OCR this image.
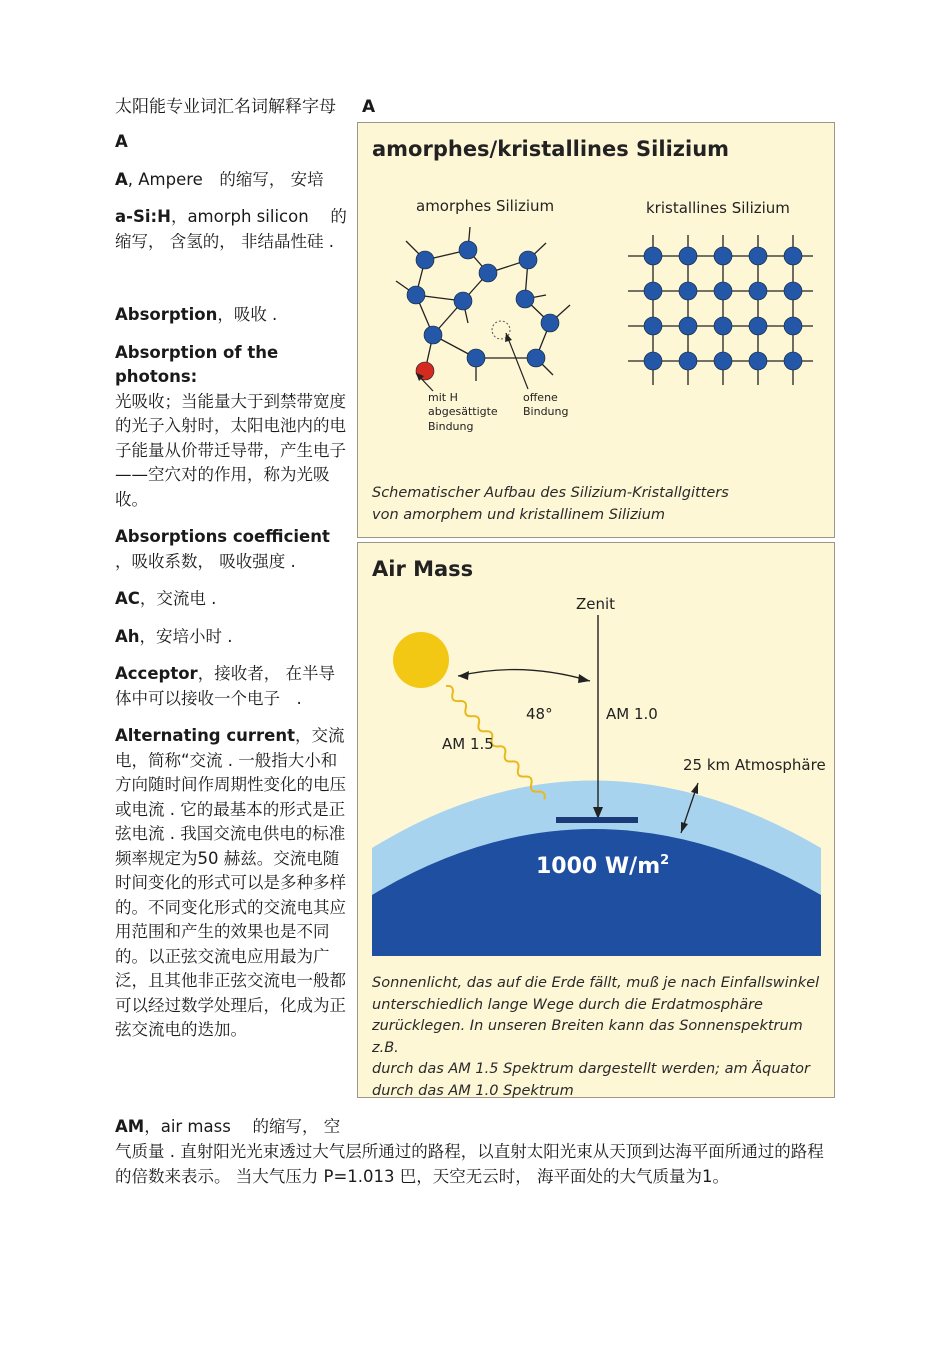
太阳能专业词汇名词解释字母 A
A
A, Ampere　的缩写， 安培
a-Si:H，amorph silicon　 的缩写， 含氢的， 非结晶性硅 .
Absorption，吸收 .
Absorption of the photons:
光吸收；当能量大于到禁带宽度的光子入射时，太阳电池内的电子能量从价带迁导带，产生电子——空穴对的作用，称为光吸收。
Absorptions coefficient
，吸收系数， 吸收强度 .
AC，交流电 .
Ah，安培小时 .
Acceptor，接收者， 在半导体中可以接收一个电子　.
Alternating current，交流电，简称“交流 . 一般指大小和方向随时间作周期性变化的电压或电流 . 它的最基本的形式是正弦电流 . 我国交流电供电的标准频率规定为50 赫兹。交流电随时间变化的形式可以是多种多样的。不同变化形式的交流电其应用范围和产生的效果也是不同的。以正弦交流电应用最为广泛，且其他非正弦交流电一般都可以经过数学处理后，化成为正弦交流电的迭加。
AM，air mass　 的缩写， 空
气质量 . 直射阳光光束透过大气层所通过的路程，以直射太阳光束从天顶到达海平面所通过的路程的倍数来表示。 当大气压力 P=1.013 巴，天空无云时， 海平面处的大气质量为1。
amorphes/kristallines Silizium
amorphes Silizium	kristallines Silizium
mit H
abgesättigte
Bindung
offene
Bindung
Schematischer Aufbau des Silizium-Kristallgitters
von amorphem und kristallinem Silizium
Air Mass
Zenit
48°	AM 1.0
AM 1.5
25 km Atmosphäre
1000 $W/m^2$
Sonnenlicht, das auf die Erde fällt, muß je nach Einfallswinkel
unterschiedlich lange Wege durch die Erdatmosphäre
zurücklegen. In unseren Breiten kann das Sonnenspektrum z.B.
durch das AM 1.5 Spektrum dargestellt werden; am Äquator
durch das AM 1.0 Spektrum
